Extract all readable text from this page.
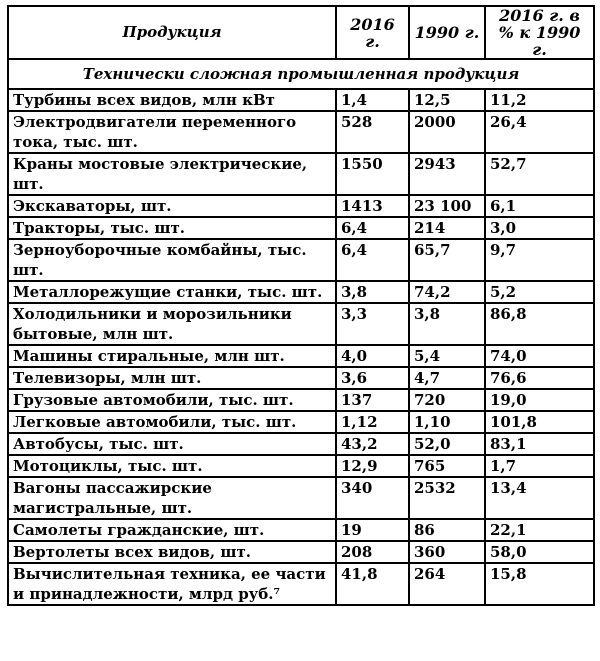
Продукция	2016 г.	1990 г.	2016 г. в % к 1990 г.
Технически сложная промышленная продукция			
Турбины всех видов, млн кВт	1,4	12,5	11,2
Электродвигатели переменного тока, тыс. шт.	528	2000	26,4
Краны мостовые электрические, шт.	1550	2943	52,7
Экскаваторы, шт.	1413	23 100	6,1
Тракторы, тыс. шт.	6,4	214	3,0
Зерноуборочные комбайны, тыс. шт.	6,4	65,7	9,7
Металлорежущие станки, тыс. шт.	3,8	74,2	5,2
Холодильники и морозильники бытовые, млн шт.	3,3	3,8	86,8
Машины стиральные, млн шт.	4,0	5,4	74,0
Телевизоры, млн шт.	3,6	4,7	76,6
Грузовые автомобили, тыс. шт.	137	720	19,0
Легковые автомобили, тыс. шт.	1,12	1,10	101,8
Автобусы, тыс. шт.	43,2	52,0	83,1
Мотоциклы, тыс. шт.	12,9	765	1,7
Вагоны пассажирские магистральные, шт.	340	2532	13,4
Самолеты гражданские, шт.	19	86	22,1
Вертолеты всех видов, шт.	208	360	58,0
Вычислительная техника, ее части и принадлежности, млрд руб.⁷	41,8	264	15,8
